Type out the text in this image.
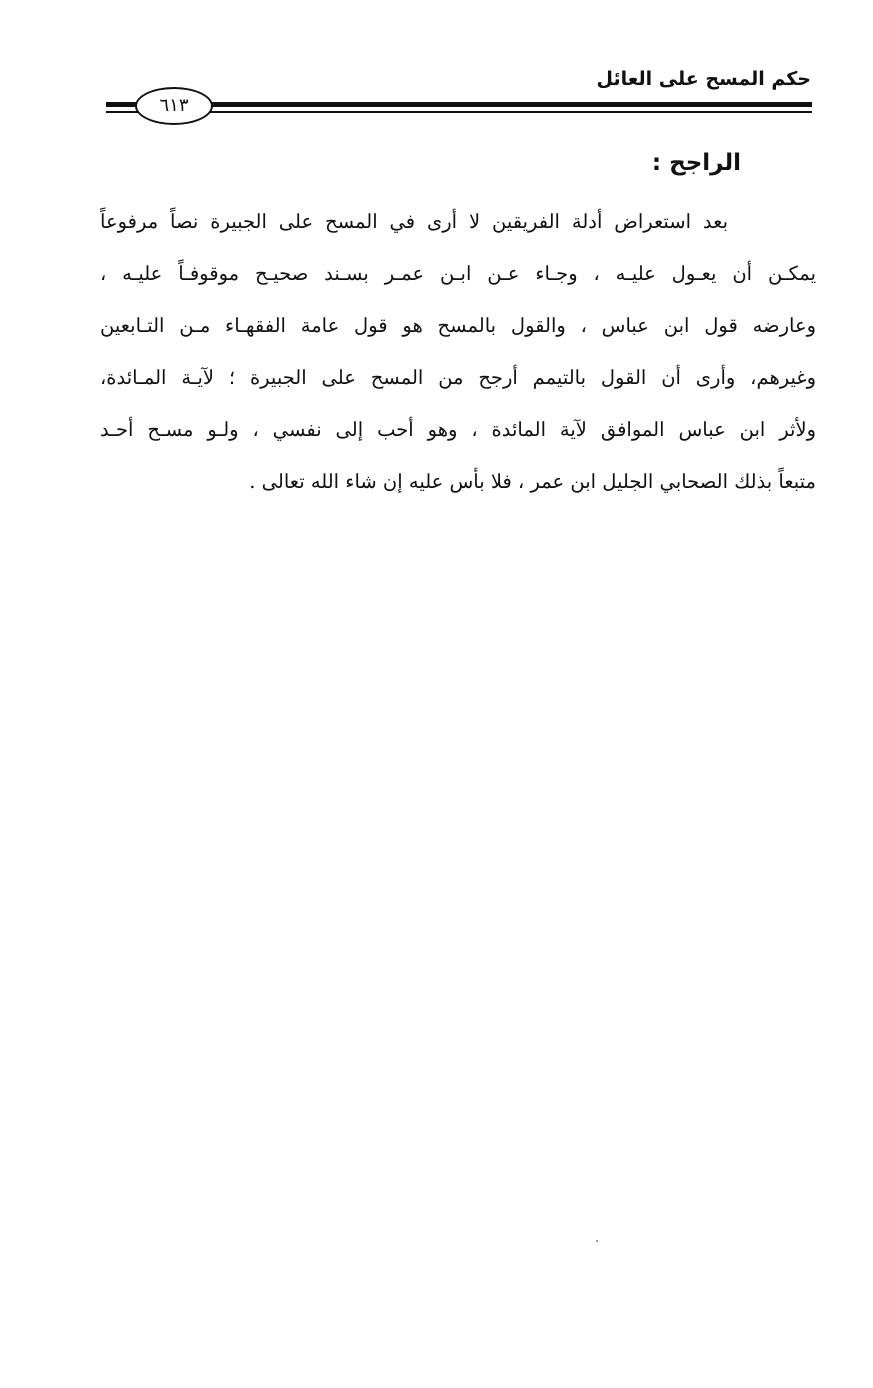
حكم المسح على العائل
٦١٣
الراجح :
بعد استعراض أدلة الفريقين لا أرى في المسح على الجبيرة نصاً مرفوعاً
يمكـن أن يعـول عليـه ، وجـاء عـن ابـن عمـر بسـند صحيـح موقوفـاً عليـه ،
وعارضه قول ابن عباس ، والقول بالمسح هو قول عامة الفقهـاء مـن التـابعين
وغيرهم، وأرى أن القول بالتيمم أرجح من المسح على الجبيرة ؛ لآيـة المـائدة،
ولأثر ابن عباس الموافق لآية المائدة ، وهو أحب إلى نفسي ، ولـو مسـح أحـد
متبعاً بذلك الصحابي الجليل ابن عمر ، فلا بأس عليه إن شاء الله تعالى .
